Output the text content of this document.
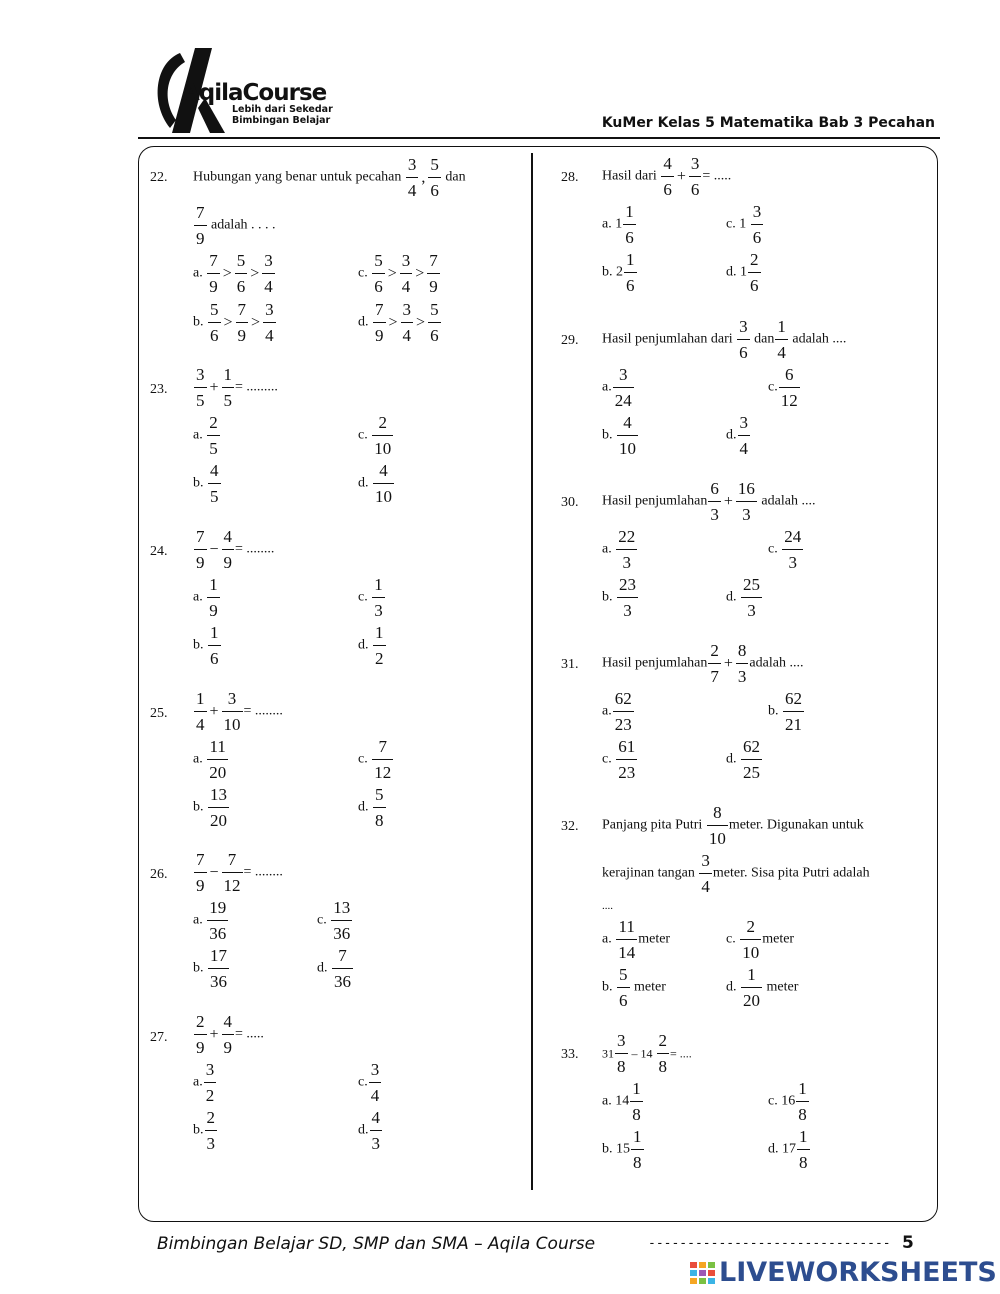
AqilaCourse
Lebih dari Sekedar
Bimbingan Belajar	KuMer Kelas 5 Matematika Bab 3 Pecahan
22. Hubungan yang benar untuk pecahan $\frac{3}{4}$ , $\frac{5}{6}$ dan
$\frac{7}{9}$ adalah . . . .
a. $\frac{7}{9} > \frac{5}{6} > \frac{3}{4}$	c. $\frac{5}{6} > \frac{3}{4} > \frac{7}{9}$
b. $\frac{5}{6} > \frac{7}{9} > \frac{3}{4}$	d. $\frac{7}{9} > \frac{3}{4} > \frac{5}{6}$
23. $\frac{3}{5} + \frac{1}{5}$ = .........
a. $\frac{2}{5}$	c. $\frac{2}{10}$
b. $\frac{4}{5}$	d. $\frac{4}{10}$
24. $\frac{7}{9} - \frac{4}{9}$ = ........
a. $\frac{1}{9}$	c. $\frac{1}{3}$
b. $\frac{1}{6}$	d. $\frac{1}{2}$
25. $\frac{1}{4} + \frac{3}{10}$ = ........
a. $\frac{11}{20}$	c. $\frac{7}{12}$
b. $\frac{13}{20}$	d. $\frac{5}{8}$
26. $\frac{7}{9} - \frac{7}{12}$ = ........
a. $\frac{19}{36}$	c. $\frac{13}{36}$
b. $\frac{17}{36}$	d. $\frac{7}{36}$
27. $\frac{2}{9} + \frac{4}{9}$ = .....
a. $\frac{3}{2}$	c. $\frac{3}{4}$
b. $\frac{2}{3}$	d. $\frac{4}{3}$
28. Hasil dari $\frac{4}{6} + \frac{3}{6}$ = .....
a. $1 \frac{1}{6}$	c. $1 \frac{3}{6}$
b. $2 \frac{1}{6}$	d. $1 \frac{2}{6}$
29. Hasil penjumlahan dari $\frac{3}{6}$ dan $\frac{1}{4}$ adalah ....
a. $\frac{3}{24}$	c. $\frac{6}{12}$
b. $\frac{4}{10}$	d. $\frac{3}{4}$
30. Hasil penjumlahan $\frac{6}{3} + \frac{16}{3}$ adalah ....
a. $\frac{22}{3}$	c. $\frac{24}{3}$
b. $\frac{23}{3}$	d. $\frac{25}{3}$
31. Hasil penjumlahan $\frac{2}{7} + \frac{8}{3}$ adalah ....
a. $\frac{62}{23}$	b. $\frac{62}{21}$
c. $\frac{61}{23}$	d. $\frac{62}{25}$
32. Panjang pita Putri $\frac{8}{10}$ meter. Digunakan untuk
kerajinan tangan $\frac{3}{4}$ meter. Sisa pita Putri adalah
....
a. $\frac{11}{14}$ meter	c. $\frac{2}{10}$ meter
b. $\frac{5}{6}$ meter	d. $\frac{1}{20}$ meter
33. $31 \frac{3}{8} - 14 \frac{2}{8}$ = ....
a. $14 \frac{1}{8}$	c. $16 \frac{1}{8}$
b. $15 \frac{1}{8}$	d. $17 \frac{1}{8}$
Bimbingan Belajar SD, SMP dan SMA – Aqila Course	------------------------------- 5
LIVEWORKSHEETS
